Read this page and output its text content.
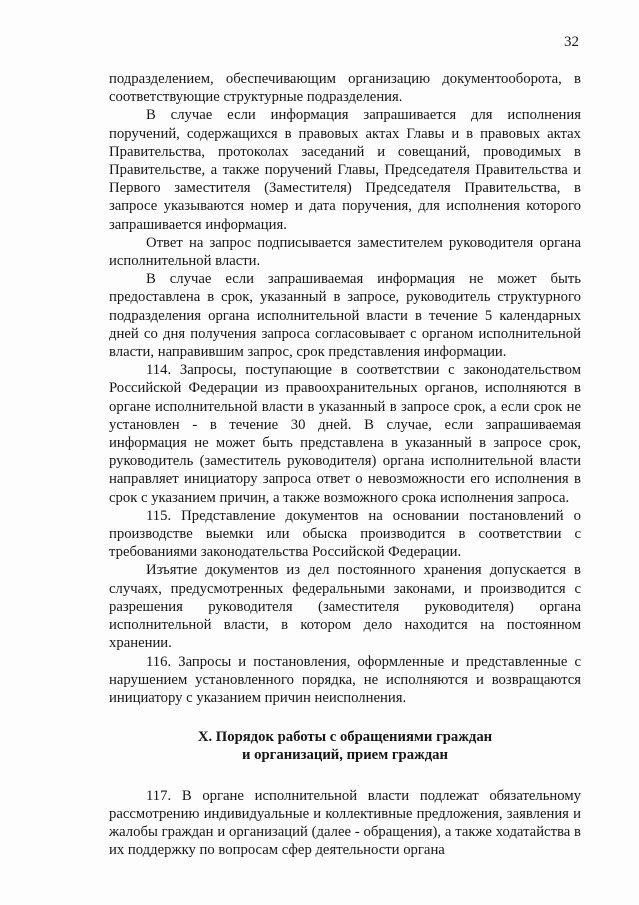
32

подразделением, обеспечивающим организацию документооборота, в соответствующие структурные подразделения.

В случае если информация запрашивается для исполнения поручений, содержащихся в правовых актах Главы и в правовых актах Правительства, протоколах заседаний и совещаний, проводимых в Правительстве, а также поручений Главы, Председателя Правительства и Первого заместителя (Заместителя) Председателя Правительства, в запросе указываются номер и дата поручения, для исполнения которого запрашивается информация.

Ответ на запрос подписывается заместителем руководителя органа исполнительной власти.

В случае если запрашиваемая информация не может быть предоставлена в срок, указанный в запросе, руководитель структурного подразделения органа исполнительной власти в течение 5 календарных дней со дня получения запроса согласовывает с органом исполнительной власти, направившим запрос, срок представления информации.

114. Запросы, поступающие в соответствии с законодательством Российской Федерации из правоохранительных органов, исполняются в органе исполнительной власти в указанный в запросе срок, а если срок не установлен - в течение 30 дней. В случае, если запрашиваемая информация не может быть представлена в указанный в запросе срок, руководитель (заместитель руководителя) органа исполнительной власти направляет инициатору запроса ответ о невозможности его исполнения в срок с указанием причин, а также возможного срока исполнения запроса.

115. Представление документов на основании постановлений о производстве выемки или обыска производится в соответствии с требованиями законодательства Российской Федерации.

Изъятие документов из дел постоянного хранения допускается в случаях, предусмотренных федеральными законами, и производится с разрешения руководителя (заместителя руководителя) органа исполнительной власти, в котором дело находится на постоянном хранении.

116. Запросы и постановления, оформленные и представленные с нарушением установленного порядка, не исполняются и возвращаются инициатору с указанием причин неисполнения.

X. Порядок работы с обращениями граждан
и организаций, прием граждан

117. В органе исполнительной власти подлежат обязательному рассмотрению индивидуальные и коллективные предложения, заявления и жалобы граждан и организаций (далее - обращения), а также ходатайства в их поддержку по вопросам сфер деятельности органа
